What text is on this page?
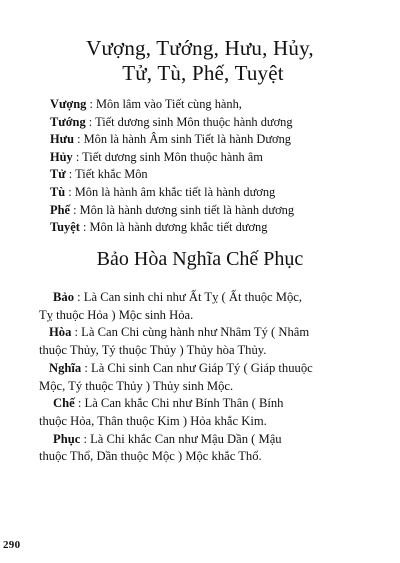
Vượng, Tướng, Hưu, Hủy,
Tử, Tù, Phế, Tuyệt
Vượng : Môn lâm vào Tiết cùng hành,
Tướng : Tiết dương sinh Môn thuộc hành dương
Hưu : Môn là hành Âm sinh Tiết là hành Dương
Hủy : Tiết dương sinh Môn thuộc hành âm
Tử : Tiết khắc Môn
Tù : Môn là hành âm khắc tiết là hành dương
Phế : Môn là hành dương sinh tiết là hành dương
Tuyệt : Môn là hành dương khắc tiết dương
Bảo Hòa Nghĩa Chế Phục
Bảo : Là Can sinh chi như Ất Tỵ ( Ất thuộc Mộc,
Tỵ thuộc Hỏa ) Mộc sinh Hỏa.
Hòa : Là Can Chi cùng hành như Nhâm Tý ( Nhâm
thuộc Thủy, Tý thuộc Thủy ) Thủy hòa Thủy.
Nghĩa : Là Chi sinh Can như Giáp Tý ( Giáp thuuộc
Mộc, Tý thuộc Thủy ) Thủy sinh Mộc.
Chế : Là Can khắc Chi như Bính Thân ( Bính
thuộc Hỏa, Thân thuộc Kim ) Hỏa khắc Kim.
Phục : Là Chi khắc Can như Mậu Dần ( Mậu
thuộc Thổ, Dần thuộc Mộc ) Mộc khắc Thổ.
290
